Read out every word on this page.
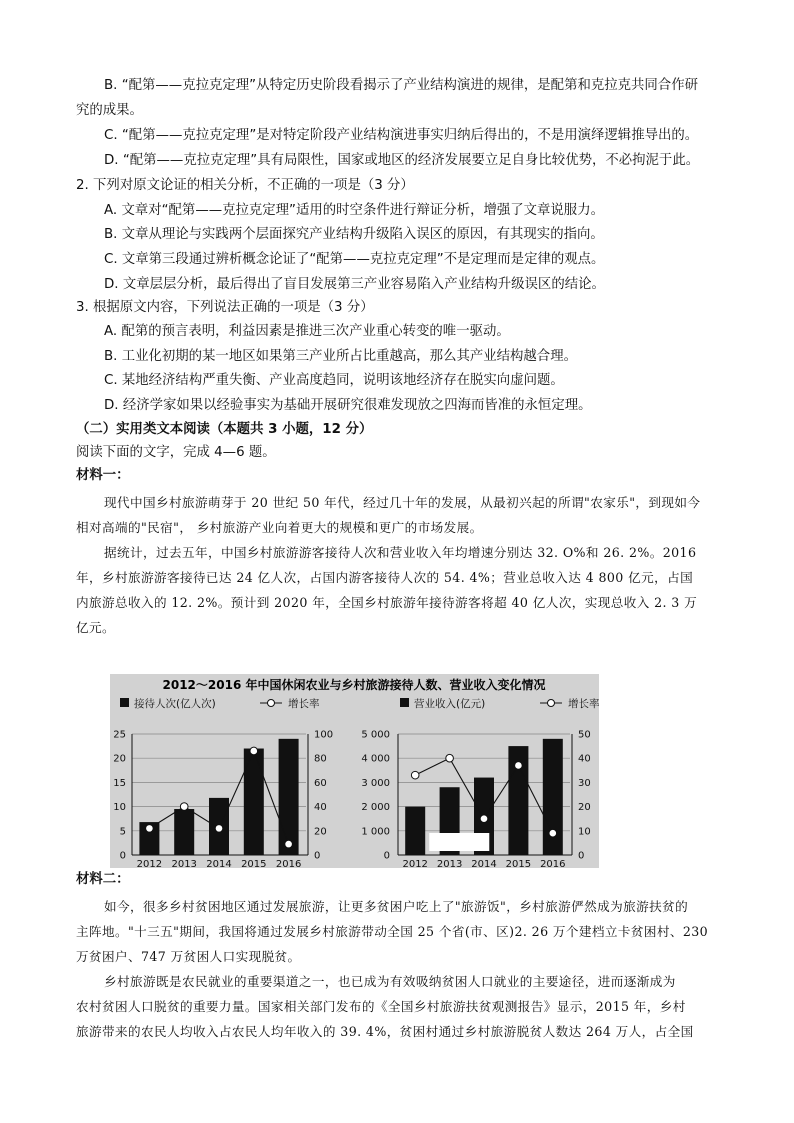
B. “配第——克拉克定理”从特定历史阶段看揭示了产业结构演进的规律，是配第和克拉克共同合作研
究的成果。
C. “配第——克拉克定理”是对特定阶段产业结构演进事实归纳后得出的，不是用演绎逻辑推导出的。
D. “配第——克拉克定理”具有局限性，国家或地区的经济发展要立足自身比较优势，不必拘泥于此。
2. 下列对原文论证的相关分析，不正确的一项是（3 分）
A. 文章对“配第——克拉克定理”适用的时空条件进行辩证分析，增强了文章说服力。
B. 文章从理论与实践两个层面探究产业结构升级陷入误区的原因，有其现实的指向。
C. 文章第三段通过辨析概念论证了“配第——克拉克定理”不是定理而是定律的观点。
D. 文章层层分析，最后得出了盲目发展第三产业容易陷入产业结构升级误区的结论。
3. 根据原文内容，下列说法正确的一项是（3 分）
A. 配第的预言表明，利益因素是推进三次产业重心转变的唯一驱动。
B. 工业化初期的某一地区如果第三产业所占比重越高，那么其产业结构越合理。
C. 某地经济结构严重失衡、产业高度趋同，说明该地经济存在脱实向虚问题。
D. 经济学家如果以经验事实为基础开展研究很难发现放之四海而皆准的永恒定理。
（二）实用类文本阅读（本题共 3 小题，12 分）
阅读下面的文字，完成 4—6 题。
材料一：
现代中国乡村旅游萌芽于 20 世纪 50 年代，经过几十年的发展，从最初兴起的所谓"农家乐"，到现如今
相对高端的"民宿"， 乡村旅游产业向着更大的规模和更广的市场发展。
据统计，过去五年，中国乡村旅游游客接待人次和营业收入年均增速分别达 32. O%和 26. 2%。2016
年，乡村旅游游客接待已达 24 亿人次，占国内游客接待人次的 54. 4%；营业总收入达 4 800 亿元，占国
内旅游总收入的 12. 2%。预计到 2020 年，全国乡村旅游年接待游客将超 40 亿人次，实现总收入 2. 3 万
亿元。
2012～2016 年中国休闲农业与乡村旅游接待人数、营业收入变化情况
接待人次(亿人次)	增长率	营业收入(亿元)	增长率
0
5
10
15
20
25
0
20
40
60
80
100
2012 2013 2014 2015 2016
0
1 000
2 000
3 000
4 000
5 000
0
10
20
30
40
50
2012 2013 2014 2015 2016
材料二：
如今，很多乡村贫困地区通过发展旅游，让更多贫困户吃上了"旅游饭"，乡村旅游俨然成为旅游扶贫的
主阵地。"十三五"期间，我国将通过发展乡村旅游带动全国 25 个省(市、区)2. 26 万个建档立卡贫困村、230
万贫困户、747 万贫困人口实现脱贫。
乡村旅游既是农民就业的重要渠道之一，也已成为有效吸纳贫困人口就业的主要途径，进而逐渐成为
农村贫困人口脱贫的重要力量。国家相关部门发布的《全国乡村旅游扶贫观测报告》显示，2015 年，乡村
旅游带来的农民人均收入占农民人均年收入的 39. 4%，贫困村通过乡村旅游脱贫人数达 264 万人，占全国
